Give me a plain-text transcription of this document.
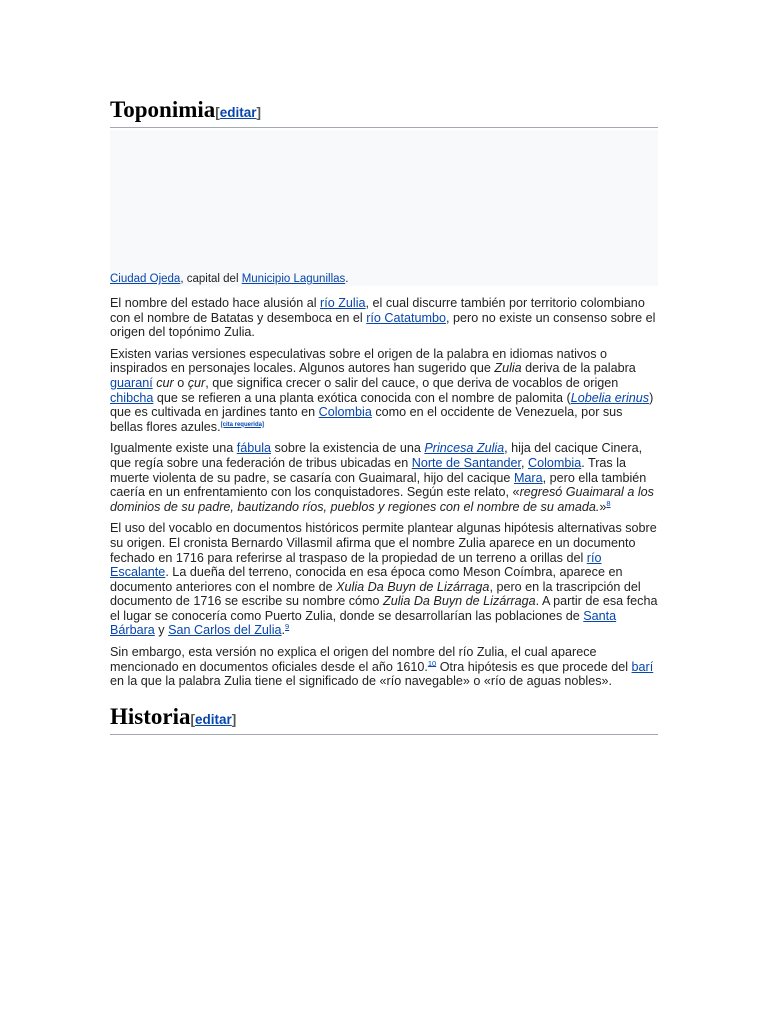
Toponimia[editar]
Ciudad Ojeda, capital del Municipio Lagunillas.

El nombre del estado hace alusión al río Zulia, el cual discurre también por territorio colombiano con el nombre de Batatas y desemboca en el río Catatumbo, pero no existe un consenso sobre el origen del topónimo Zulia.

Existen varias versiones especulativas sobre el origen de la palabra en idiomas nativos o inspirados en personajes locales. Algunos autores han sugerido que Zulia deriva de la palabra guaraní cur o çur, que significa crecer o salir del cauce, o que deriva de vocablos de origen chibcha que se refieren a una planta exótica conocida con el nombre de palomita (Lobelia erinus) que es cultivada en jardines tanto en Colombia como en el occidente de Venezuela, por sus bellas flores azules.[cita requerida]

Igualmente existe una fábula sobre la existencia de una Princesa Zulia, hija del cacique Cinera, que regía sobre una federación de tribus ubicadas en Norte de Santander, Colombia. Tras la muerte violenta de su padre, se casaría con Guaimaral, hijo del cacique Mara, pero ella también caería en un enfrentamiento con los conquistadores. Según este relato, «regresó Guaimaral a los dominios de su padre, bautizando ríos, pueblos y regiones con el nombre de su amada.»$^8$

El uso del vocablo en documentos históricos permite plantear algunas hipótesis alternativas sobre su origen. El cronista Bernardo Villasmil afirma que el nombre Zulia aparece en un documento fechado en 1716 para referirse al traspaso de la propiedad de un terreno a orillas del río Escalante. La dueña del terreno, conocida en esa época como Meson Coímbra, aparece en documento anteriores con el nombre de Xulia Da Buyn de Lizárraga, pero en la trascripción del documento de 1716 se escribe su nombre cómo Zulia Da Buyn de Lizárraga. A partir de esa fecha el lugar se conocería como Puerto Zulia, donde se desarrollarían las poblaciones de Santa Bárbara y San Carlos del Zulia.$^9$

Sin embargo, esta versión no explica el origen del nombre del río Zulia, el cual aparece mencionado en documentos oficiales desde el año 1610.10 Otra hipótesis es que procede del barí en la que la palabra Zulia tiene el significado de «río navegable» o «río de aguas nobles».

Historia[editar]
